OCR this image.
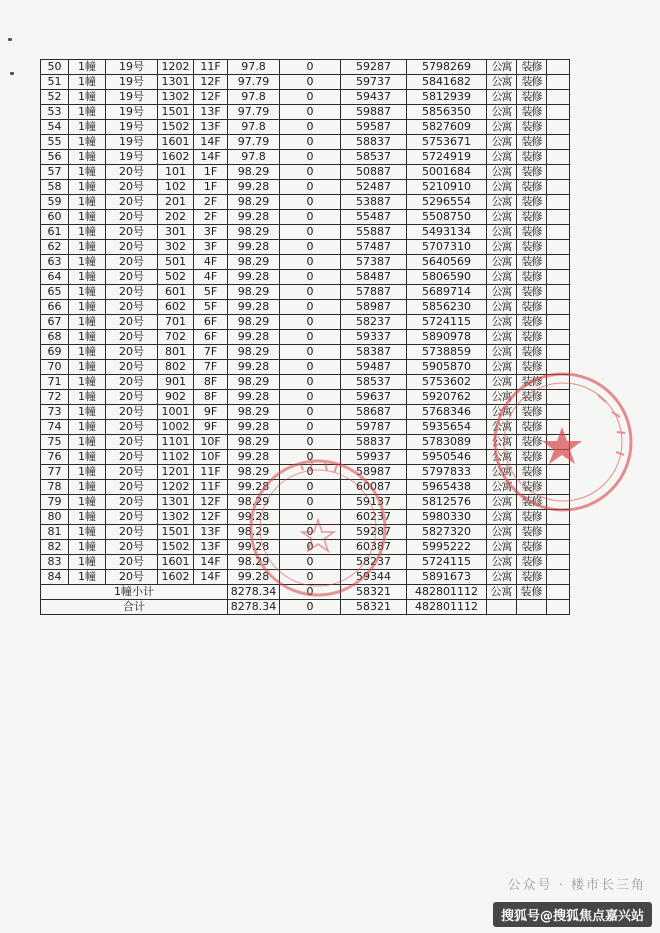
50	1幢	19号	1202	11F	97.8	0	59287	5798269	公寓	装修	
51	1幢	19号	1301	12F	97.79	0	59737	5841682	公寓	装修	
52	1幢	19号	1302	12F	97.8	0	59437	5812939	公寓	装修	
53	1幢	19号	1501	13F	97.79	0	59887	5856350	公寓	装修	
54	1幢	19号	1502	13F	97.8	0	59587	5827609	公寓	装修	
55	1幢	19号	1601	14F	97.79	0	58837	5753671	公寓	装修	
56	1幢	19号	1602	14F	97.8	0	58537	5724919	公寓	装修	
57	1幢	20号	101	1F	98.29	0	50887	5001684	公寓	装修	
58	1幢	20号	102	1F	99.28	0	52487	5210910	公寓	装修	
59	1幢	20号	201	2F	98.29	0	53887	5296554	公寓	装修	
60	1幢	20号	202	2F	99.28	0	55487	5508750	公寓	装修	
61	1幢	20号	301	3F	98.29	0	55887	5493134	公寓	装修	
62	1幢	20号	302	3F	99.28	0	57487	5707310	公寓	装修	
63	1幢	20号	501	4F	98.29	0	57387	5640569	公寓	装修	
64	1幢	20号	502	4F	99.28	0	58487	5806590	公寓	装修	
65	1幢	20号	601	5F	98.29	0	57887	5689714	公寓	装修	
66	1幢	20号	602	5F	99.28	0	58987	5856230	公寓	装修	
67	1幢	20号	701	6F	98.29	0	58237	5724115	公寓	装修	
68	1幢	20号	702	6F	99.28	0	59337	5890978	公寓	装修	
69	1幢	20号	801	7F	98.29	0	58387	5738859	公寓	装修	
70	1幢	20号	802	7F	99.28	0	59487	5905870	公寓	装修	
71	1幢	20号	901	8F	98.29	0	58537	5753602	公寓	装修	
72	1幢	20号	902	8F	99.28	0	59637	5920762	公寓	装修	
73	1幢	20号	1001	9F	98.29	0	58687	5768346	公寓	装修	
74	1幢	20号	1002	9F	99.28	0	59787	5935654	公寓	装修	
75	1幢	20号	1101	10F	98.29	0	58837	5783089	公寓	装修	
76	1幢	20号	1102	10F	99.28	0	59937	5950546	公寓	装修	
77	1幢	20号	1201	11F	98.29	0	58987	5797833	公寓	装修	
78	1幢	20号	1202	11F	99.28	0	60087	5965438	公寓	装修	
79	1幢	20号	1301	12F	98.29	0	59137	5812576	公寓	装修	
80	1幢	20号	1302	12F	99.28	0	60237	5980330	公寓	装修	
81	1幢	20号	1501	13F	98.29	0	59287	5827320	公寓	装修	
82	1幢	20号	1502	13F	99.28	0	60387	5995222	公寓	装修	
83	1幢	20号	1601	14F	98.29	0	58237	5724115	公寓	装修	
84	1幢	20号	1602	14F	99.28	0	59344	5891673	公寓	装修	
1幢小计					8278.34	0	58321	482801112	公寓	装修	
合计					8278.34	0	58321	482801112			
公众号 · 楼市长三角
搜狐号@搜狐焦点嘉兴站
